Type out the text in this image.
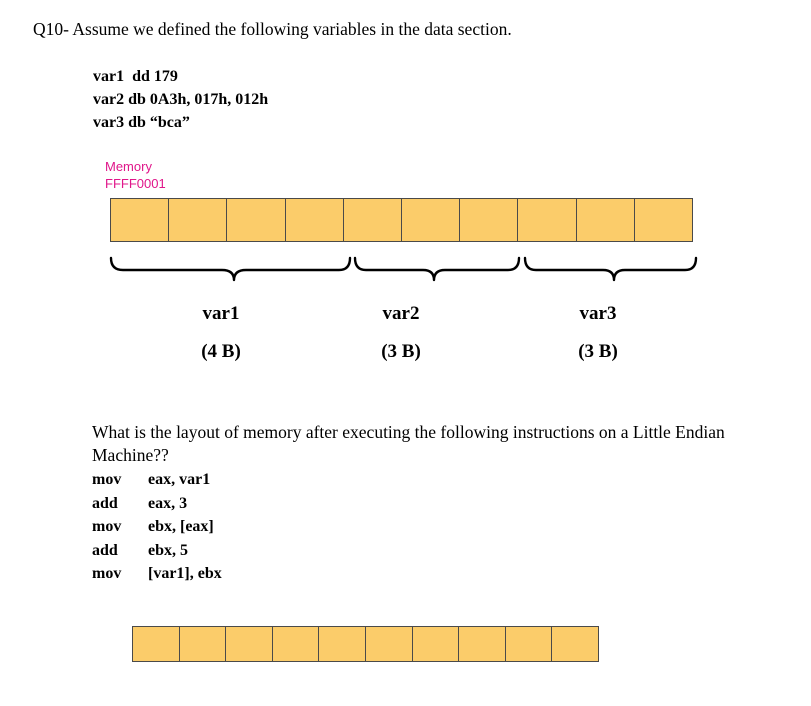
Q10- Assume we defined the following variables in the data section.
var1  dd 179
var2 db 0A3h, 017h, 012h
var3 db “bca”
Memory
FFFF0001
var1
(4 B)
var2
(3 B)
var3
(3 B)
What is the layout of memory after executing the following instructions on a Little Endian Machine??
mov eax, var1
add eax, 3
mov ebx, [eax]
add ebx, 5
mov [var1], ebx
